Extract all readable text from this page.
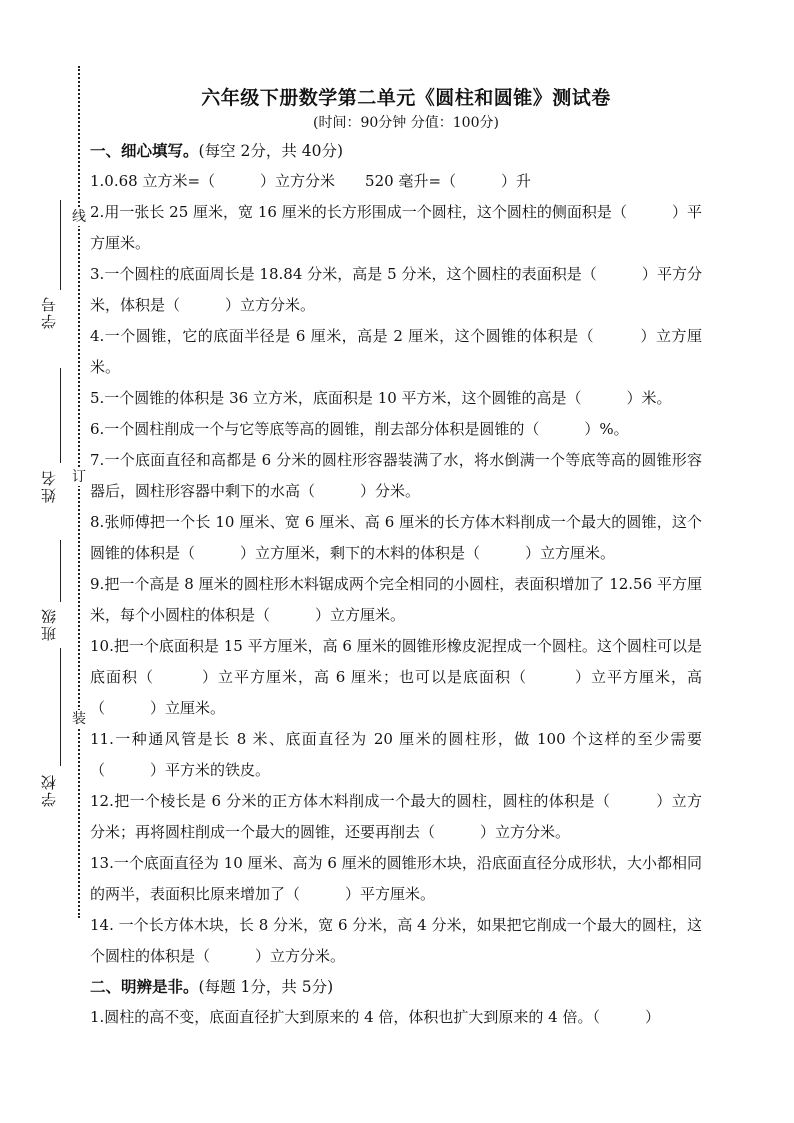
学号
姓名
班级
学校
线
订
装

六年级下册数学第二单元《圆柱和圆锥》测试卷

(时间：90分钟 分值：100分)

一、细心填写。(每空 2分，共 40分)

1.0.68 立方米=（　　　）立方分米　　520 毫升=（　　　）升

2.用一张长 25 厘米，宽 16 厘米的长方形围成一个圆柱，这个圆柱的侧面积是（　　　）平方厘米。

3.一个圆柱的底面周长是 18.84 分米，高是 5 分米，这个圆柱的表面积是（　　　）平方分米，体积是（　　　）立方分米。

4.一个圆锥，它的底面半径是 6 厘米，高是 2 厘米，这个圆锥的体积是（　　　）立方厘米。

5.一个圆锥的体积是 36 立方米，底面积是 10 平方米，这个圆锥的高是（　　　）米。

6.一个圆柱削成一个与它等底等高的圆锥，削去部分体积是圆锥的（　　　）%。

7.一个底面直径和高都是 6 分米的圆柱形容器装满了水，将水倒满一个等底等高的圆锥形容器后，圆柱形容器中剩下的水高（　　　）分米。

8.张师傅把一个长 10 厘米、宽 6 厘米、高 6 厘米的长方体木料削成一个最大的圆锥，这个圆锥的体积是（　　　）立方厘米，剩下的木料的体积是（　　　）立方厘米。

9.把一个高是 8 厘米的圆柱形木料锯成两个完全相同的小圆柱，表面积增加了 12.56 平方厘米，每个小圆柱的体积是（　　　）立方厘米。

10.把一个底面积是 15 平方厘米，高 6 厘米的圆锥形橡皮泥捏成一个圆柱。这个圆柱可以是底面积（　　　）立平方厘米，高 6 厘米；也可以是底面积（　　　）立平方厘米，高（　　　）立厘米。

11.一种通风管是长 8 米、底面直径为 20 厘米的圆柱形，做 100 个这样的至少需要（　　　）平方米的铁皮。

12.把一个棱长是 6 分米的正方体木料削成一个最大的圆柱，圆柱的体积是（　　　）立方分米；再将圆柱削成一个最大的圆锥，还要再削去（　　　）立方分米。

13.一个底面直径为 10 厘米、高为 6 厘米的圆锥形木块，沿底面直径分成形状，大小都相同的两半，表面积比原来增加了（　　　）平方厘米。

14. 一个长方体木块，长 8 分米，宽 6 分米，高 4 分米，如果把它削成一个最大的圆柱，这个圆柱的体积是（　　　）立方分米。

二、明辨是非。(每题 1分，共 5分)

1.圆柱的高不变，底面直径扩大到原来的 4 倍，体积也扩大到原来的 4 倍。（　　　）
